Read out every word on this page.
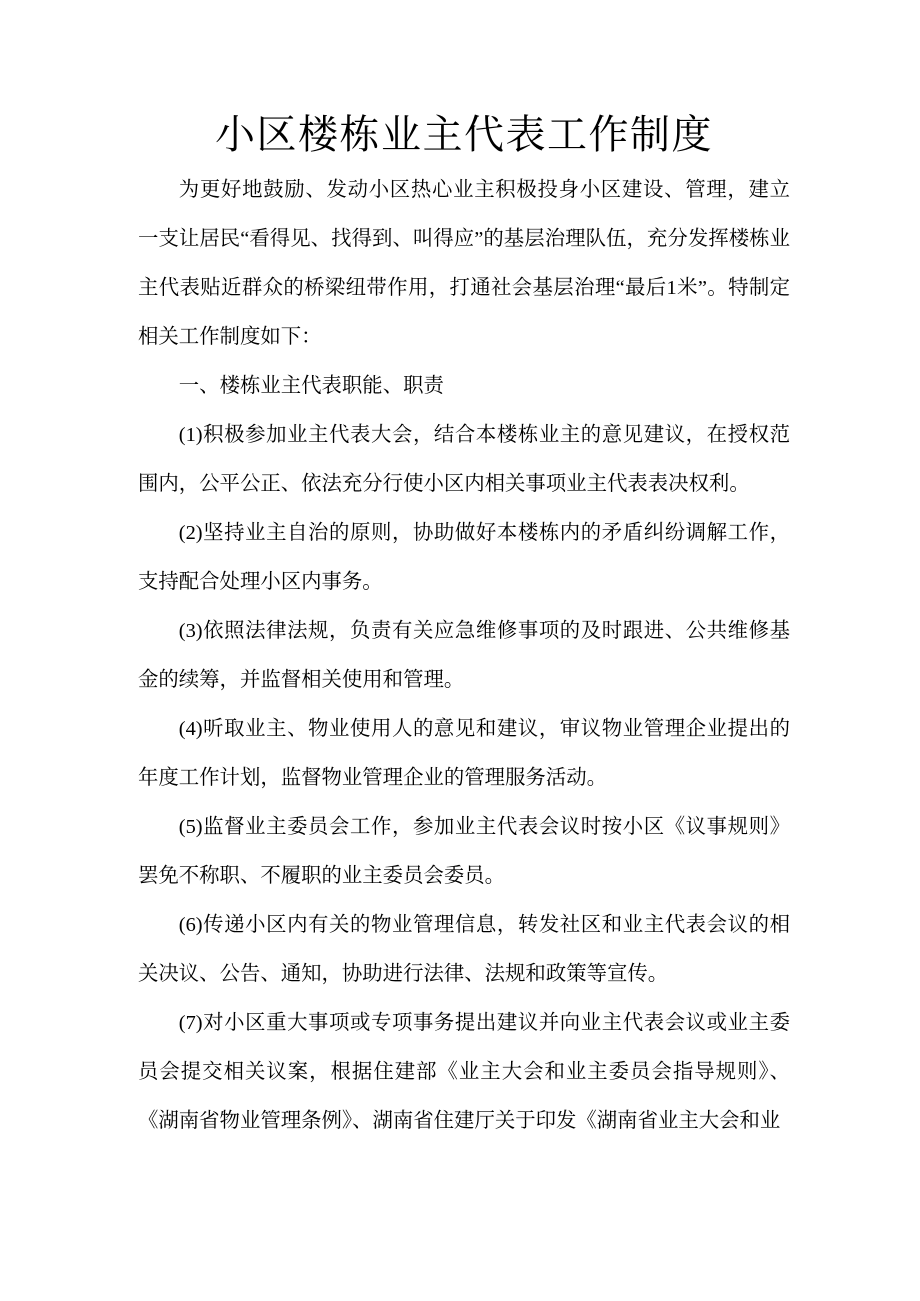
小区楼栋业主代表工作制度

为更好地鼓励、发动小区热心业主积极投身小区建设、管理，建立一支让居民“看得见、找得到、叫得应”的基层治理队伍，充分发挥楼栋业主代表贴近群众的桥梁纽带作用，打通社会基层治理“最后1米”。特制定相关工作制度如下：

一、楼栋业主代表职能、职责

(1)积极参加业主代表大会，结合本楼栋业主的意见建议，在授权范围内，公平公正、依法充分行使小区内相关事项业主代表表决权利。

(2)坚持业主自治的原则，协助做好本楼栋内的矛盾纠纷调解工作，支持配合处理小区内事务。

(3)依照法律法规，负责有关应急维修事项的及时跟进、公共维修基金的续筹，并监督相关使用和管理。

(4)听取业主、物业使用人的意见和建议，审议物业管理企业提出的年度工作计划，监督物业管理企业的管理服务活动。

(5)监督业主委员会工作，参加业主代表会议时按小区《议事规则》罢免不称职、不履职的业主委员会委员。

(6)传递小区内有关的物业管理信息，转发社区和业主代表会议的相关决议、公告、通知，协助进行法律、法规和政策等宣传。

(7)对小区重大事项或专项事务提出建议并向业主代表会议或业主委员会提交相关议案，根据住建部《业主大会和业主委员会指导规则》、《湖南省物业管理条例》、湖南省住建厅关于印发《湖南省业主大会和业
